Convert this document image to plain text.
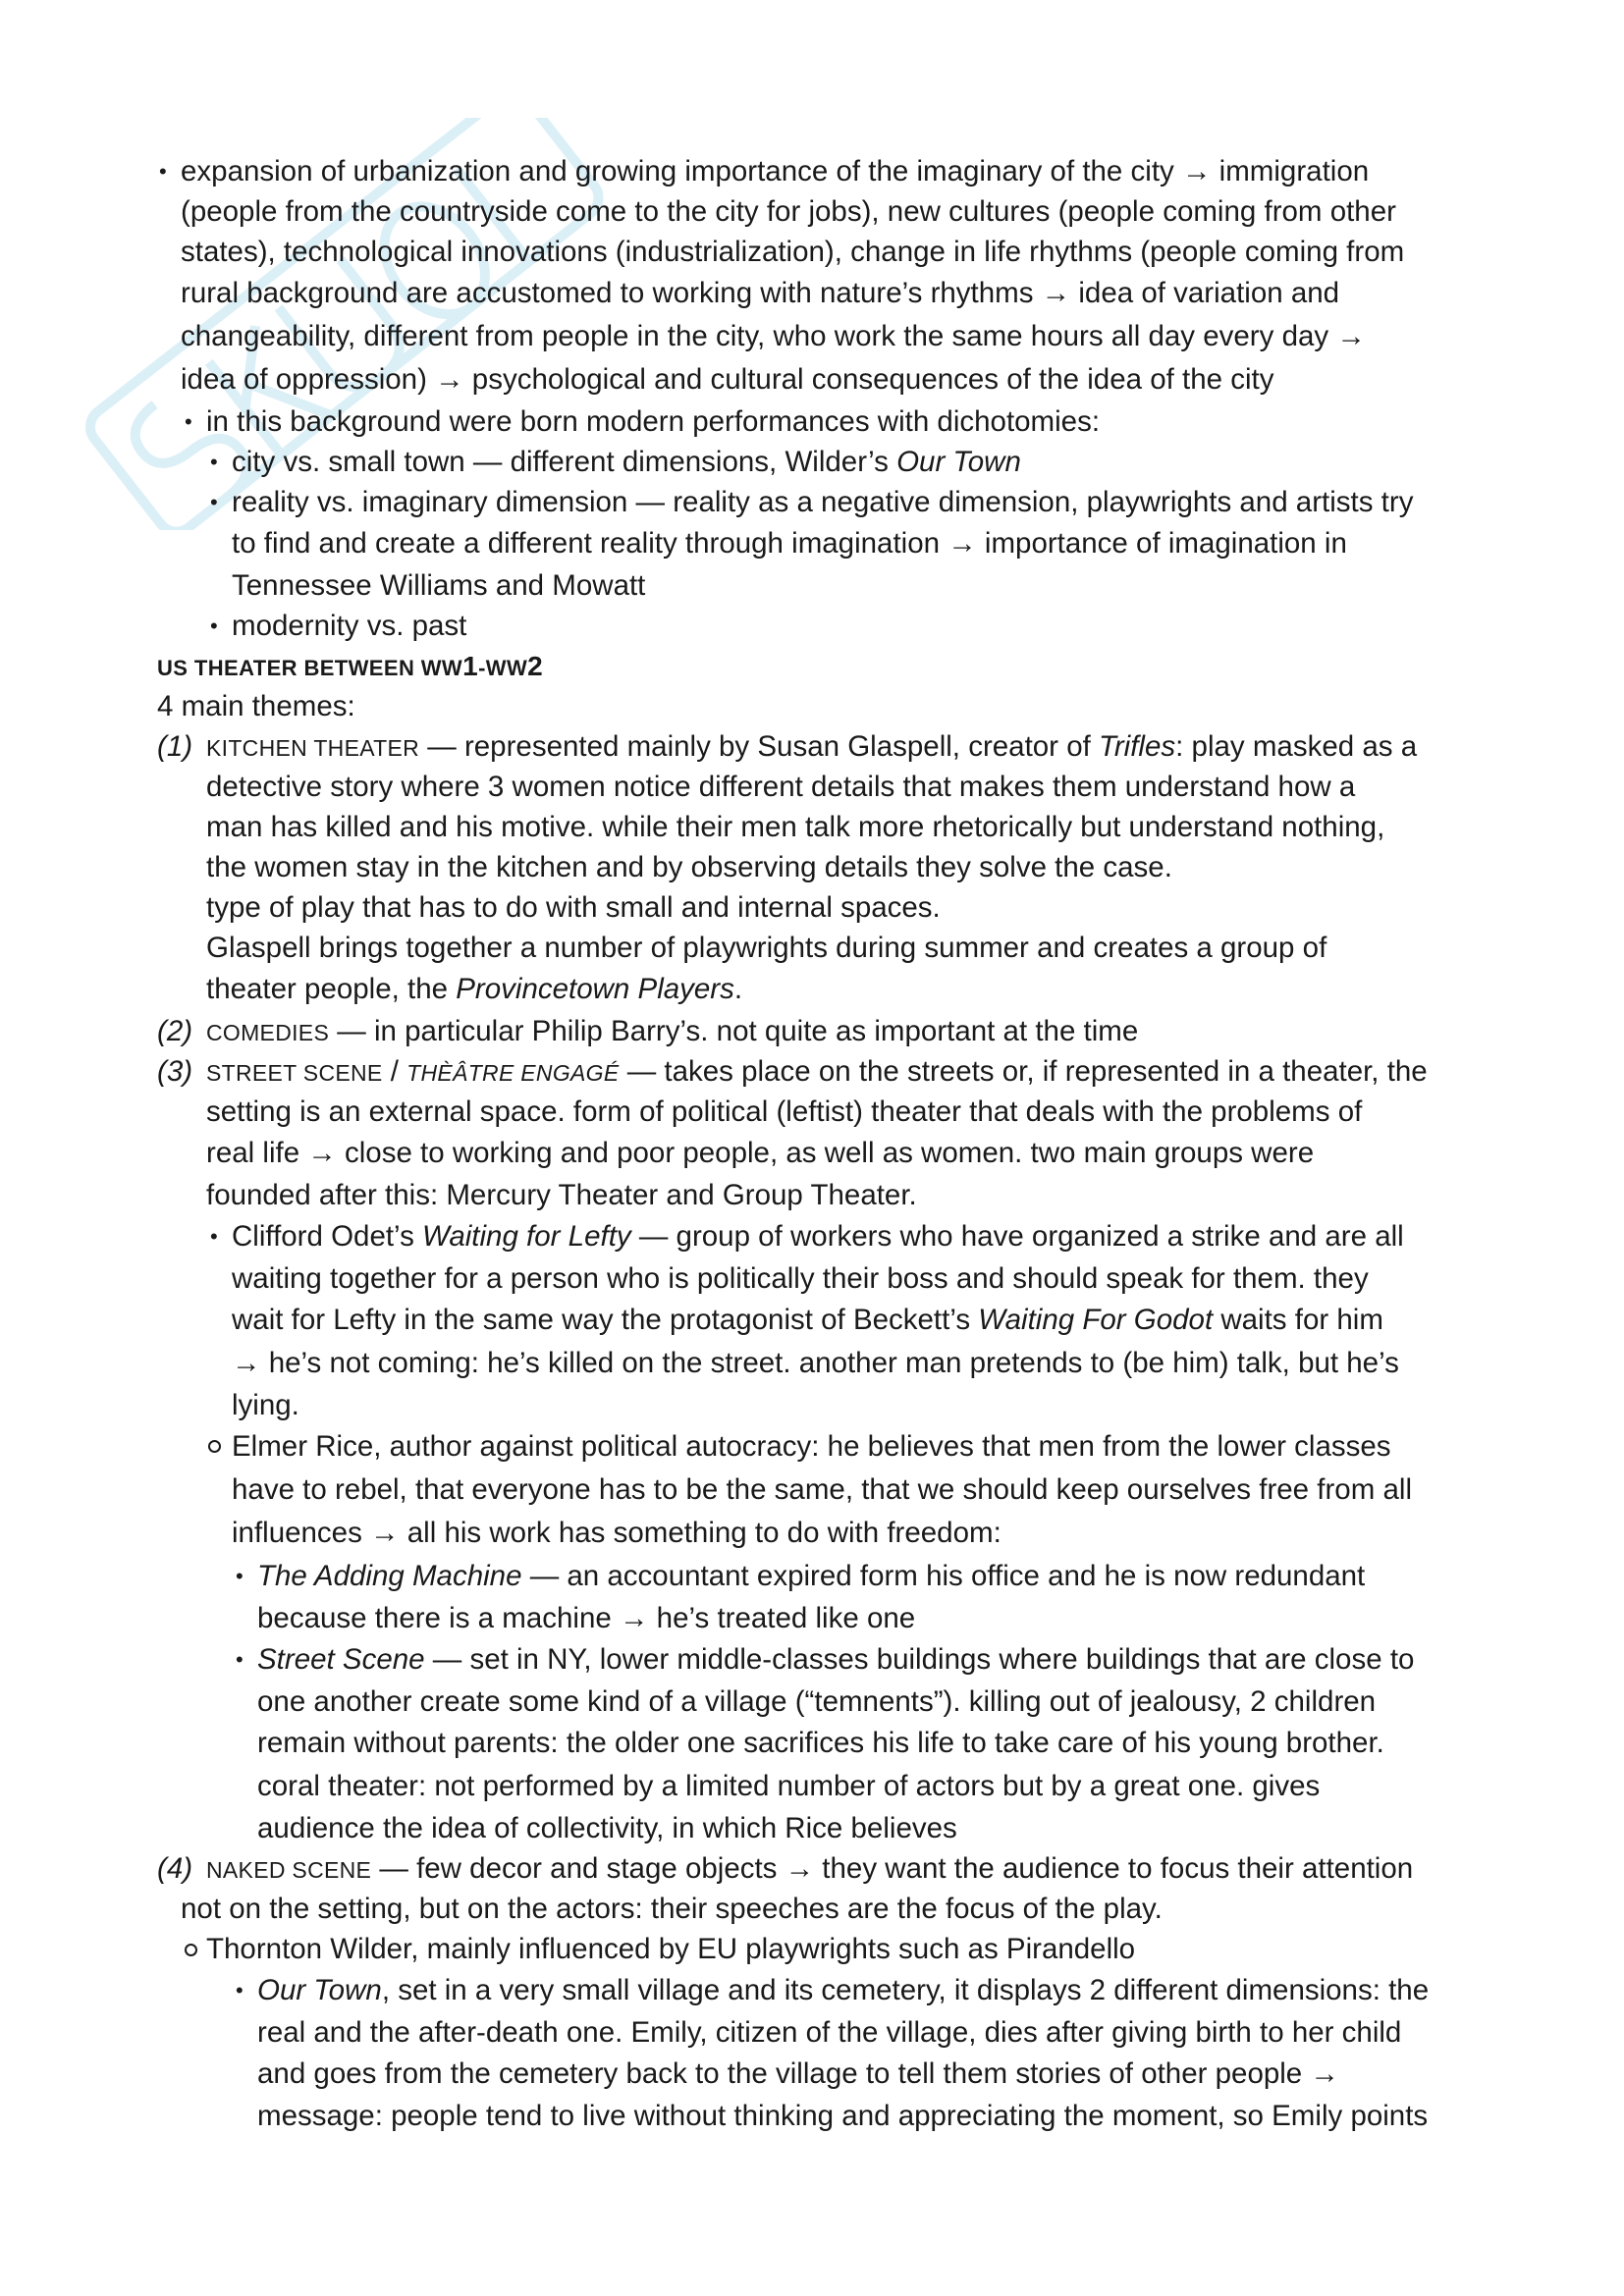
• expansion of urbanization and growing importance of the imaginary of the city → immigration
(people from the countryside come to the city for jobs), new cultures (people coming from other
states), technological innovations (industrialization), change in life rhythms (people coming from
rural background are accustomed to working with nature’s rhythms → idea of variation and
changeability, different from people in the city, who work the same hours all day every day →
idea of oppression) → psychological and cultural consequences of the idea of the city
• in this background were born modern performances with dichotomies:
• city vs. small town — different dimensions, Wilder’s Our Town
• reality vs. imaginary dimension — reality as a negative dimension, playwrights and artists try
to find and create a different reality through imagination → importance of imagination in
Tennessee Williams and Mowatt
• modernity vs. past
US THEATER BETWEEN WW1-WW2
4 main themes:
(1) KITCHEN THEATER — represented mainly by Susan Glaspell, creator of Trifles: play masked as a
detective story where 3 women notice different details that makes them understand how a
man has killed and his motive. while their men talk more rhetorically but understand nothing,
the women stay in the kitchen and by observing details they solve the case.
type of play that has to do with small and internal spaces.
Glaspell brings together a number of playwrights during summer and creates a group of
theater people, the Provincetown Players.
(2) COMEDIES — in particular Philip Barry’s. not quite as important at the time
(3) STREET SCENE / THÈÂTRE ENGAGÉ — takes place on the streets or, if represented in a theater, the
setting is an external space. form of political (leftist) theater that deals with the problems of
real life → close to working and poor people, as well as women. two main groups were
founded after this: Mercury Theater and Group Theater.
• Clifford Odet’s Waiting for Lefty — group of workers who have organized a strike and are all
waiting together for a person who is politically their boss and should speak for them. they
wait for Lefty in the same way the protagonist of Beckett’s Waiting For Godot waits for him
→ he’s not coming: he’s killed on the street. another man pretends to (be him) talk, but he’s
lying.
Elmer Rice, author against political autocracy: he believes that men from the lower classes
have to rebel, that everyone has to be the same, that we should keep ourselves free from all
influences → all his work has something to do with freedom:
• The Adding Machine — an accountant expired form his office and he is now redundant
because there is a machine → he’s treated like one
• Street Scene — set in NY, lower middle-classes buildings where buildings that are close to
one another create some kind of a village (“temnents”). killing out of jealousy, 2 children
remain without parents: the older one sacrifices his life to take care of his young brother.
coral theater: not performed by a limited number of actors but by a great one. gives
audience the idea of collectivity, in which Rice believes
(4) NAKED SCENE — few decor and stage objects → they want the audience to focus their attention
not on the setting, but on the actors: their speeches are the focus of the play.
Thornton Wilder, mainly influenced by EU playwrights such as Pirandello
• Our Town, set in a very small village and its cemetery, it displays 2 different dimensions: the
real and the after-death one. Emily, citizen of the village, dies after giving birth to her child
and goes from the cemetery back to the village to tell them stories of other people →
message: people tend to live without thinking and appreciating the moment, so Emily points
